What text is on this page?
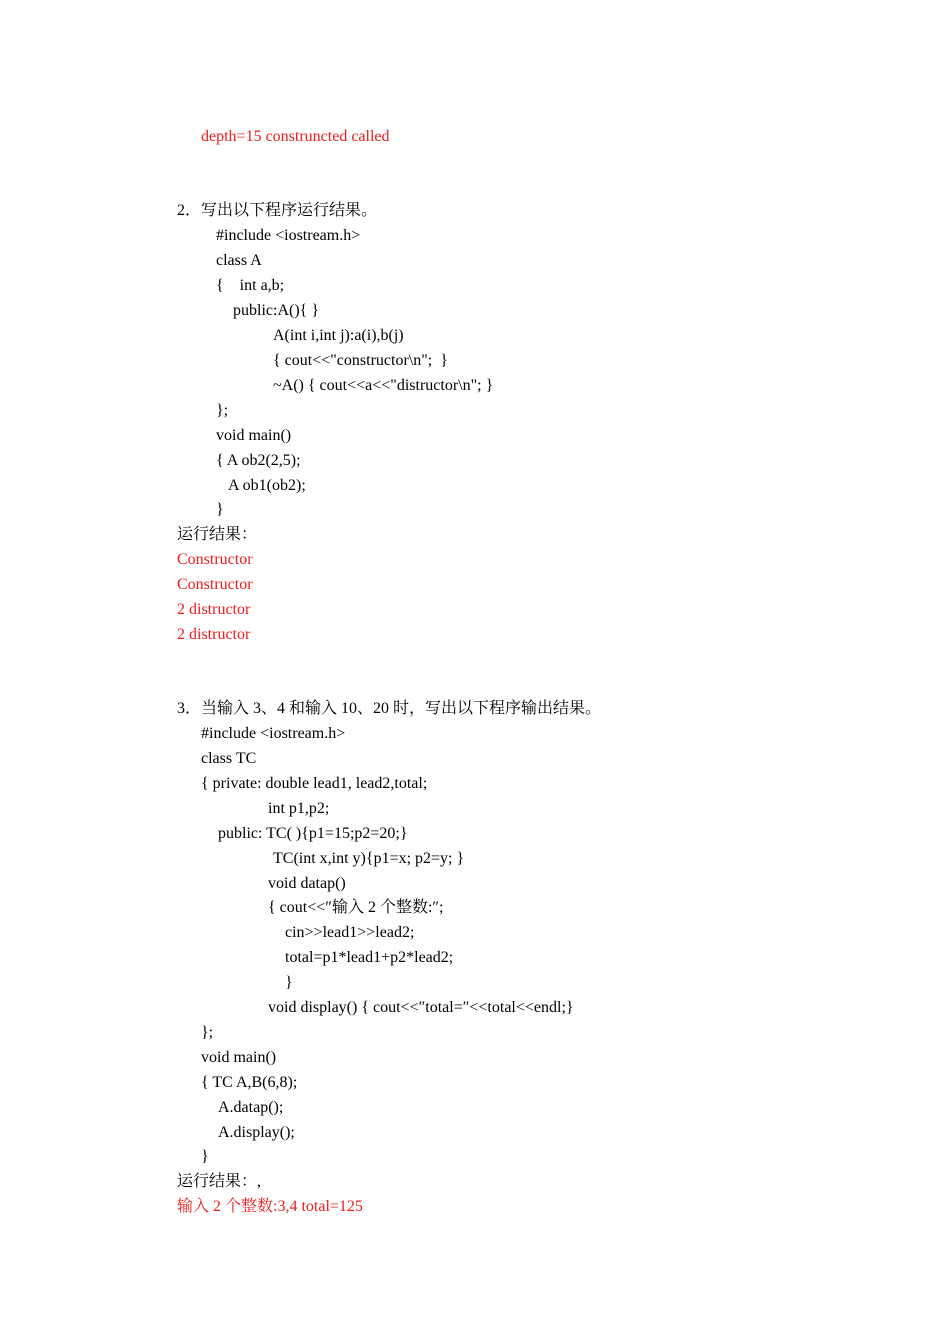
depth=15 construncted called
2．写出以下程序运行结果。
#include <iostream.h>
class A
{    int a,b;
public:A(){ }
A(int i,int j):a(i),b(j)
{ cout<<"constructor\n";  }
~A() { cout<<a<<"distructor\n"; }
};
void main()
{ A ob2(2,5);
A ob1(ob2);
}
运行结果：
Constructor
Constructor
2 distructor
2 distructor
3．当输入 3、4 和输入 10、20 时，写出以下程序输出结果。
#include <iostream.h>
class TC
{ private: double lead1, lead2,total;
int p1,p2;
public: TC( ){p1=15;p2=20;}
TC(int x,int y){p1=x; p2=y; }
void datap()
{ cout<<″输入 2 个整数:″;
cin>>lead1>>lead2;
total=p1*lead1+p2*lead2;
}
void display() { cout<<″total=″<<total<<endl;}
};
void main()
{ TC A,B(6,8);
A.datap();
A.display();
}
运行结果：,
输入 2 个整数:3,4 total=125
